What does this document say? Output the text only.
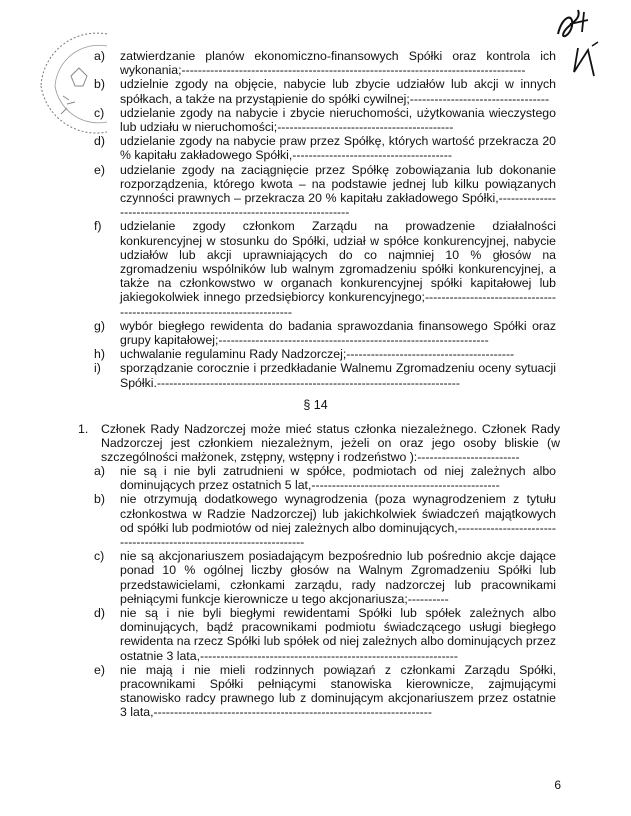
a)	zatwierdzanie planów ekonomiczno-finansowych Spółki oraz kontrola ich wykonania;------------------------------------------------------------------------------------
b)	udzielnie zgody na objęcie, nabycie lub zbycie udziałów lub akcji w innych spółkach, a także na przystąpienie do spółki cywilnej;----------------------------------
c)	udzielanie zgody na nabycie i zbycie nieruchomości, użytkowania wieczystego lub udziału w nieruchomości;-------------------------------------------
d)	udzielanie zgody na nabycie praw przez Spółkę, których wartość przekracza 20 % kapitału zakładowego Spółki,---------------------------------------
e)	udzielanie zgody na zaciągnięcie przez Spółkę zobowiązania lub dokonanie rozporządzenia, którego kwota – na podstawie jednej lub kilku powiązanych czynności prawnych – przekracza 20 % kapitału zakładowego Spółki,----------------------------------------------------------------------
f)	udzielanie zgody członkom Zarządu na prowadzenie działalności konkurencyjnej w stosunku do Spółki, udział w spółce konkurencyjnej, nabycie udziałów lub akcji uprawniających do co najmniej 10 % głosów na zgromadzeniu wspólników lub walnym zgromadzeniu spółki konkurencyjnej, a także na członkowstwo w organach konkurencyjnej spółki kapitałowej lub jakiegokolwiek innego przedsiębiorcy konkurencyjnego;--------------------------------------------------------------------------
g)	wybór biegłego rewidenta do badania sprawozdania finansowego Spółki oraz grupy kapitałowej;------------------------------------------------------------------
h)	uchwalanie regulaminu Rady Nadzorczej;-----------------------------------------
i)	sporządzanie corocznie i przedkładanie Walnemu Zgromadzeniu oceny sytuacji Spółki.--------------------------------------------------------------------------
§ 14
1.	Członek Rady Nadzorczej może mieć status członka niezależnego. Członek Rady Nadzorczej jest członkiem niezależnym, jeżeli on oraz jego osoby bliskie (w szczególności małżonek, zstępny, wstępny i rodzeństwo ):-------------------------
a)	nie są i nie byli zatrudnieni w spółce, podmiotach od niej zależnych albo dominujących przez ostatnich 5 lat,----------------------------------------------
b)	nie otrzymują dodatkowego wynagrodzenia (poza wynagrodzeniem z tytułu członkostwa w Radzie Nadzorczej) lub jakichkolwiek świadczeń majątkowych od spółki lub podmiotów od niej zależnych albo dominujących,---------------------------------------------------------------------
c)	nie są akcjonariuszem posiadającym bezpośrednio lub pośrednio akcje dające ponad 10 % ogólnej liczby głosów na Walnym Zgromadzeniu Spółki lub przedstawicielami, członkami zarządu, rady nadzorczej lub pracownikami pełniącymi funkcje kierownicze u tego akcjonariusza;----------
d)	nie są i nie byli biegłymi rewidentami Spółki lub spółek zależnych albo dominujących, bądź pracownikami podmiotu świadczącego usługi biegłego rewidenta na rzecz Spółki lub spółek od niej zależnych albo dominujących przez ostatnie 3 lata,---------------------------------------------------------------
e)	nie mają i nie mieli rodzinnych powiązań z członkami Zarządu Spółki, pracownikami Spółki pełniącymi stanowiska kierownicze, zajmującymi stanowisko radcy prawnego lub z dominującym akcjonariuszem przez ostatnie 3 lata,--------------------------------------------------------------------
6
